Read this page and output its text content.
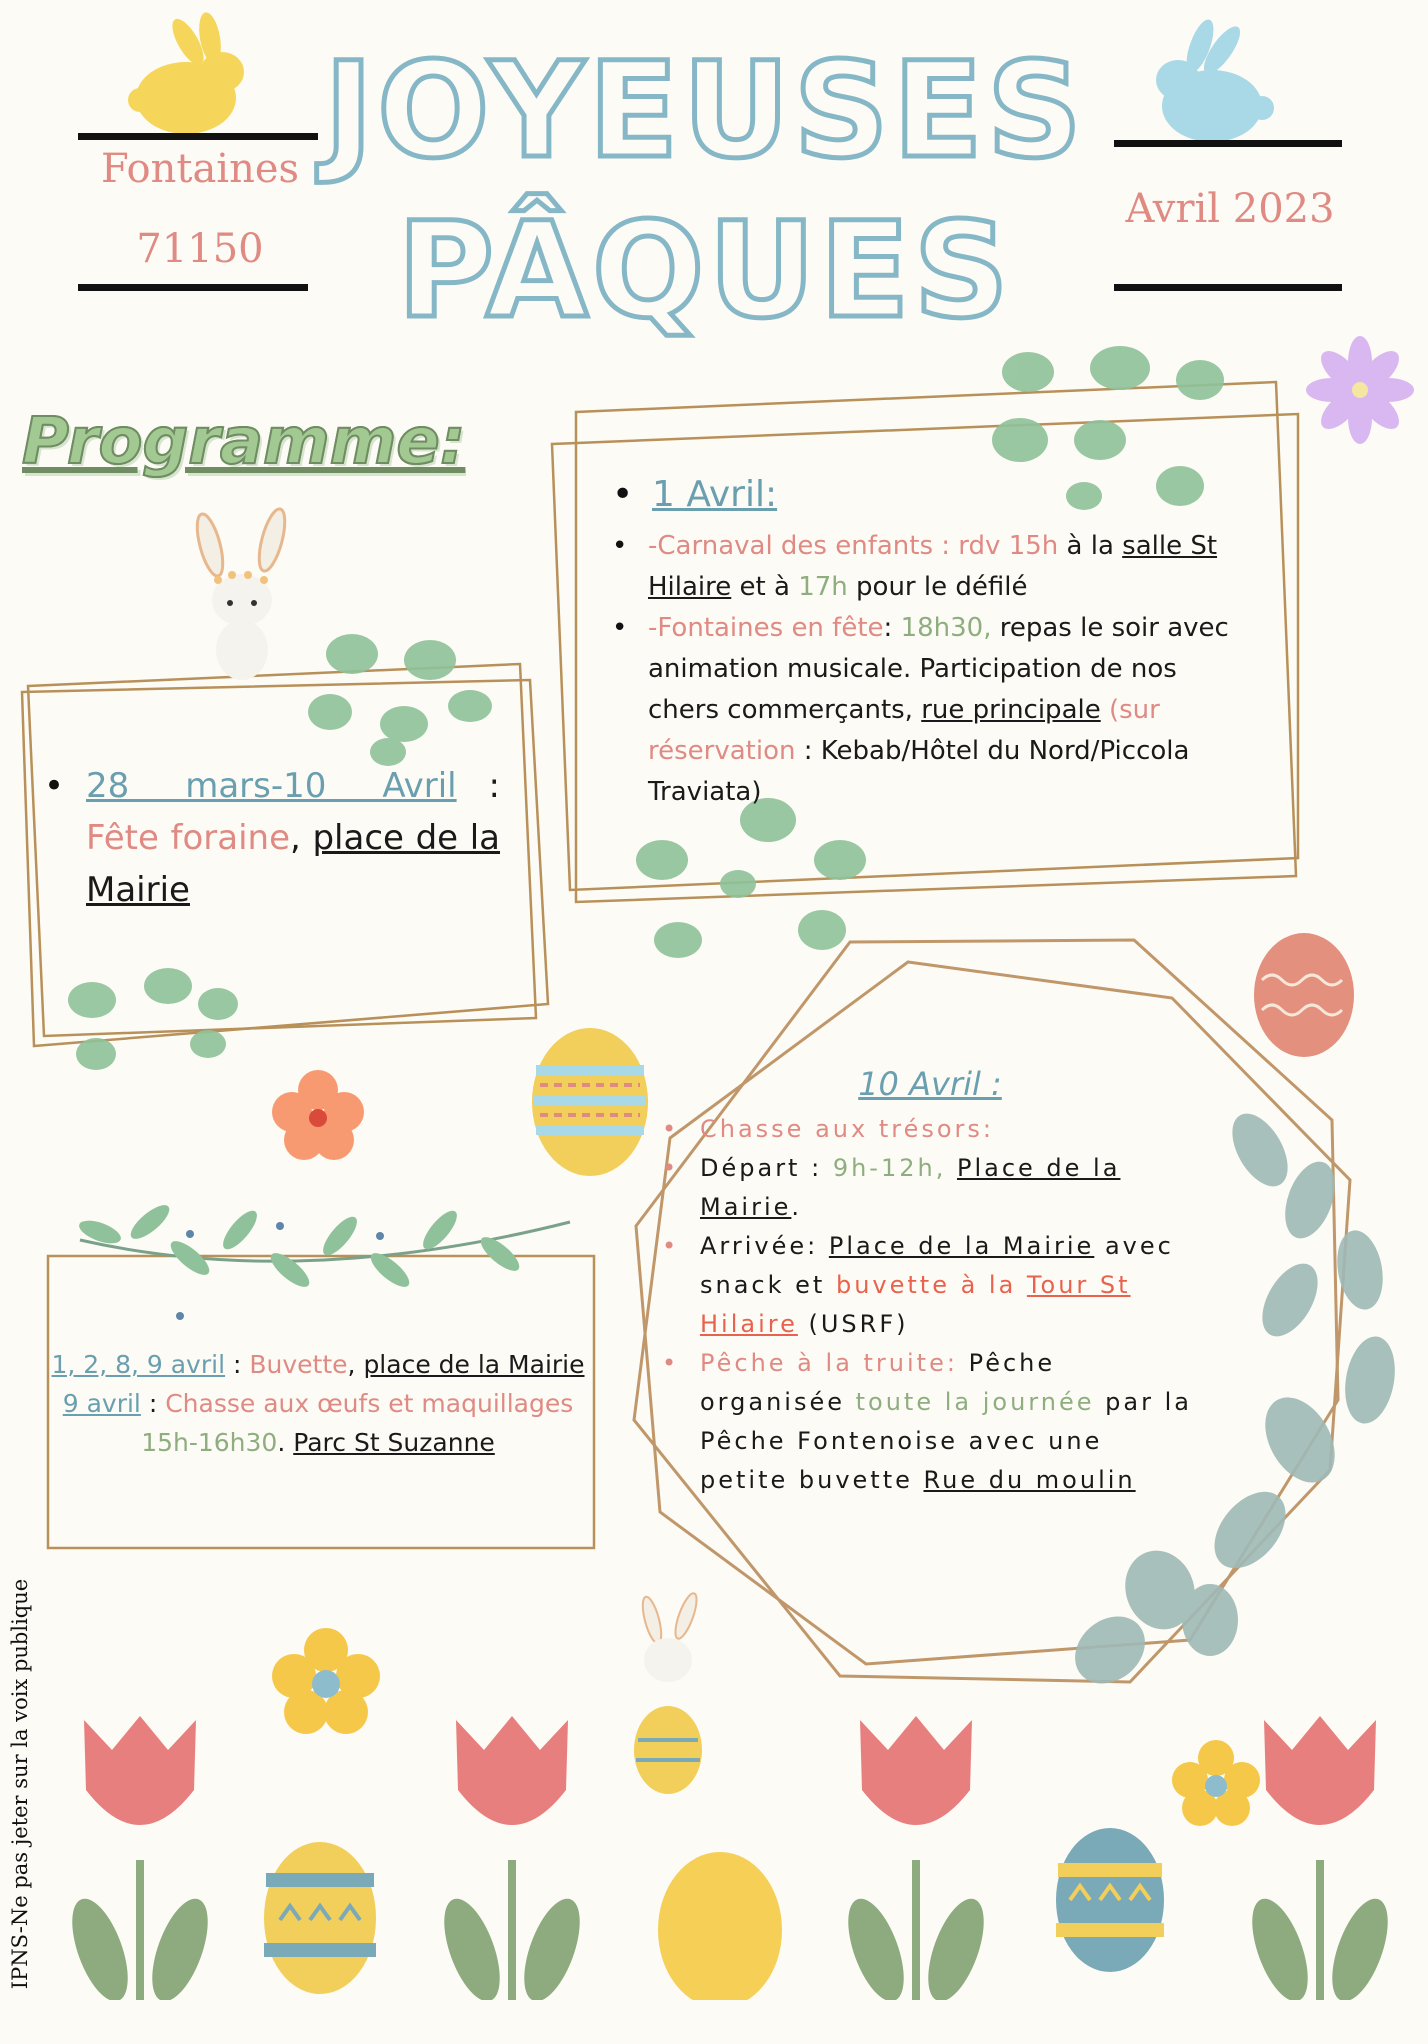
Fontaines
71150
Avril 2023
JOYEUSES
PÂQUES
Programme:
• 28 mars-10 Avril : Fête foraine, place de la Mairie
• 1 Avril:
• -Carnaval des enfants : rdv 15h à la salle St Hilaire et à 17h pour le défilé
• -Fontaines en fête: 18h30, repas le soir avec animation musicale. Participation de nos chers commerçants, rue principale (sur réservation : Kebab/Hôtel du Nord/Piccola Traviata)
1, 2, 8, 9 avril : Buvette, place de la Mairie
9 avril : Chasse aux œufs et maquillages
15h-16h30. Parc St Suzanne
10 Avril :
• Chasse aux trésors:
• Départ : 9h-12h, Place de la Mairie.
• Arrivée: Place de la Mairie avec snack et buvette à la Tour St Hilaire (USRF)
• Pêche à la truite: Pêche organisée toute la journée par la Pêche Fontenoise avec une petite buvette Rue du moulin
IPNS-Ne pas jeter sur la voix publique
